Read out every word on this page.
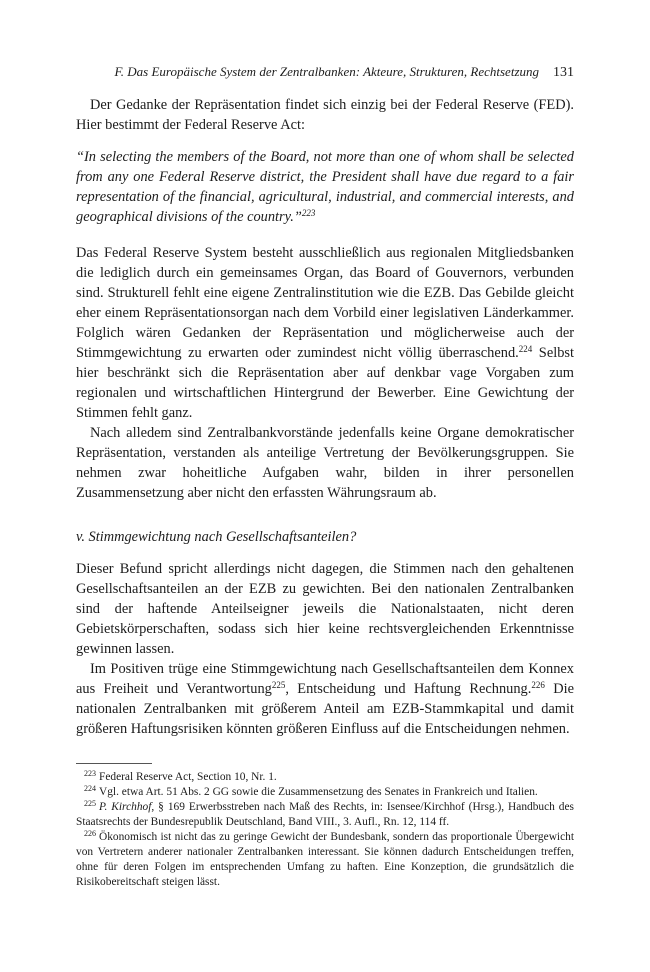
F. Das Europäische System der Zentralbanken: Akteure, Strukturen, Rechtsetzung 131

Der Gedanke der Repräsentation findet sich einzig bei der Federal Reserve (FED). Hier bestimmt der Federal Reserve Act:

“In selecting the members of the Board, not more than one of whom shall be selected from any one Federal Reserve district, the President shall have due regard to a fair representation of the financial, agricultural, industrial, and commercial interests, and geographical divisions of the country.”$^{223}$

Das Federal Reserve System besteht ausschließlich aus regionalen Mitgliedsbanken die lediglich durch ein gemeinsames Organ, das Board of Gouvernors, verbunden sind. Strukturell fehlt eine eigene Zentralinstitution wie die EZB. Das Gebilde gleicht eher einem Repräsentationsorgan nach dem Vorbild einer legislativen Länderkammer. Folglich wären Gedanken der Repräsentation und möglicherweise auch der Stimmgewichtung zu erwarten oder zumindest nicht völlig überraschend.$^{224}$ Selbst hier beschränkt sich die Repräsentation aber auf denkbar vage Vorgaben zum regionalen und wirtschaftlichen Hintergrund der Bewerber. Eine Gewichtung der Stimmen fehlt ganz.

Nach alledem sind Zentralbankvorstände jedenfalls keine Organe demokratischer Repräsentation, verstanden als anteilige Vertretung der Bevölkerungsgruppen. Sie nehmen zwar hoheitliche Aufgaben wahr, bilden in ihrer personellen Zusammensetzung aber nicht den erfassten Währungsraum ab.

v. Stimmgewichtung nach Gesellschaftsanteilen?

Dieser Befund spricht allerdings nicht dagegen, die Stimmen nach den gehaltenen Gesellschaftsanteilen an der EZB zu gewichten. Bei den nationalen Zentralbanken sind der haftende Anteilseigner jeweils die Nationalstaaten, nicht deren Gebietskörperschaften, sodass sich hier keine rechtsvergleichenden Erkenntnisse gewinnen lassen.

Im Positiven trüge eine Stimmgewichtung nach Gesellschaftsanteilen dem Konnex aus Freiheit und Verantwortung$^{225}$, Entscheidung und Haftung Rechnung.$^{226}$ Die nationalen Zentralbanken mit größerem Anteil am EZB-Stammkapital und damit größeren Haftungsrisiken könnten größeren Einfluss auf die Entscheidungen nehmen.

223 Federal Reserve Act, Section 10, Nr. 1.

224 Vgl. etwa Art. 51 Abs. 2 GG sowie die Zusammensetzung des Senates in Frankreich und Italien.

225 P. Kirchhof, § 169 Erwerbsstreben nach Maß des Rechts, in: Isensee/Kirchhof (Hrsg.), Handbuch des Staatsrechts der Bundesrepublik Deutschland, Band VIII., 3. Aufl., Rn. 12, 114 ff.

226 Ökonomisch ist nicht das zu geringe Gewicht der Bundesbank, sondern das proportionale Übergewicht von Vertretern anderer nationaler Zentralbanken interessant. Sie können dadurch Entscheidungen treffen, ohne für deren Folgen im entsprechenden Umfang zu haften. Eine Konzeption, die grundsätzlich die Risikobereitschaft steigen lässt.
